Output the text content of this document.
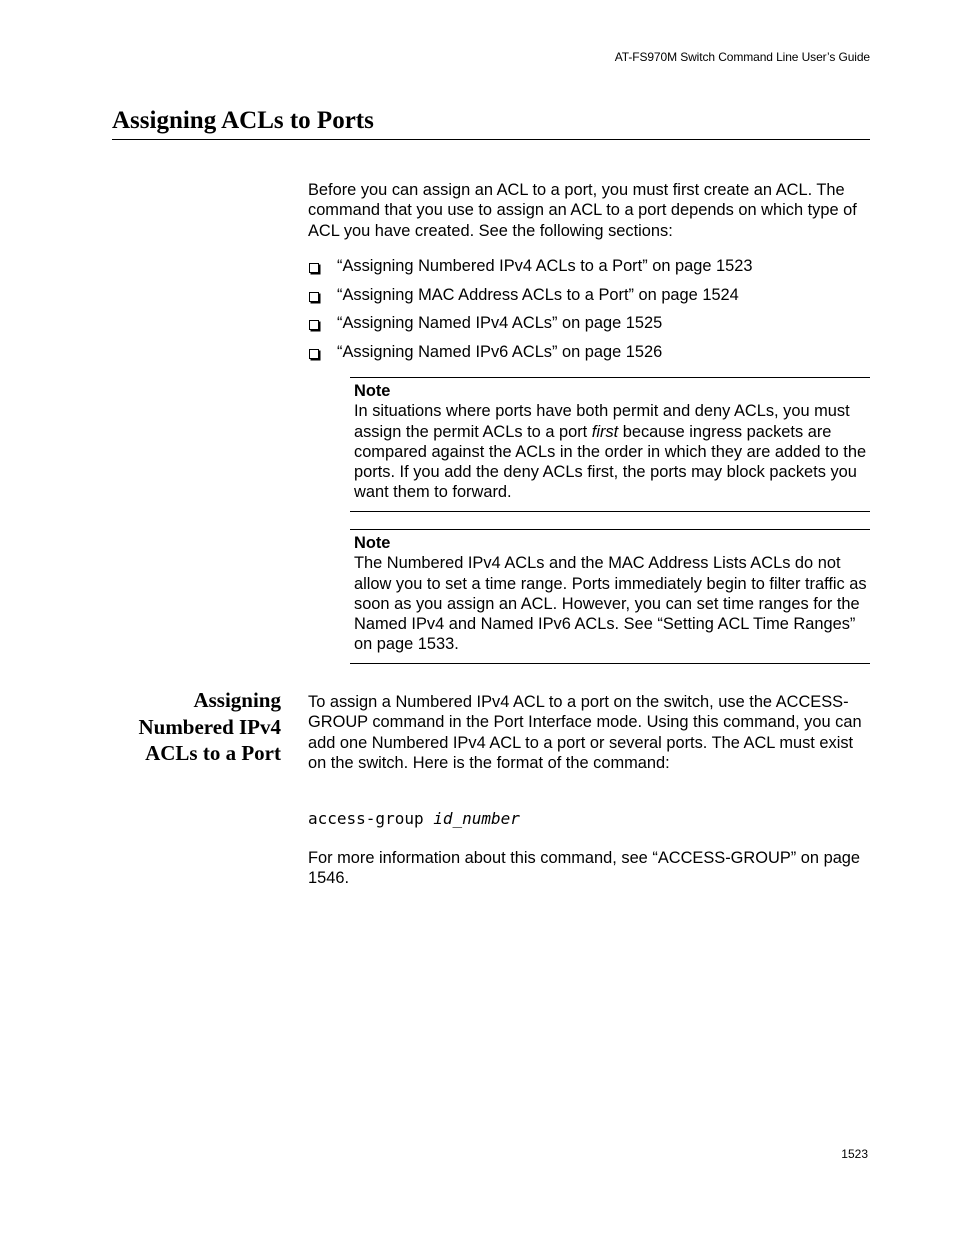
AT-FS970M Switch Command Line User’s Guide
Assigning ACLs to Ports

Before you can assign an ACL to a port, you must first create an ACL. The command that you use to assign an ACL to a port depends on which type of ACL you have created. See the following sections:

“Assigning Numbered IPv4 ACLs to a Port” on page 1523
“Assigning MAC Address ACLs to a Port” on page 1524
“Assigning Named IPv4 ACLs” on page 1525
“Assigning Named IPv6 ACLs” on page 1526
Note
In situations where ports have both permit and deny ACLs, you must assign the permit ACLs to a port first because ingress packets are compared against the ACLs in the order in which they are added to the ports. If you add the deny ACLs first, the ports may block packets you want them to forward.
Note
The Numbered IPv4 ACLs and the MAC Address Lists ACLs do not allow you to set a time range. Ports immediately begin to filter traffic as soon as you assign an ACL. However, you can set time ranges for the Named IPv4 and Named IPv6 ACLs. See “Setting ACL Time Ranges” on page 1533.
Assigning
Numbered IPv4
ACLs to a Port

To assign a Numbered IPv4 ACL to a port on the switch, use the ACCESS-GROUP command in the Port Interface mode. Using this command, you can add one Numbered IPv4 ACL to a port or several ports. The ACL must exist on the switch. Here is the format of the command:

access-group id_number

For more information about this command, see “ACCESS-GROUP” on page 1546.

1523
